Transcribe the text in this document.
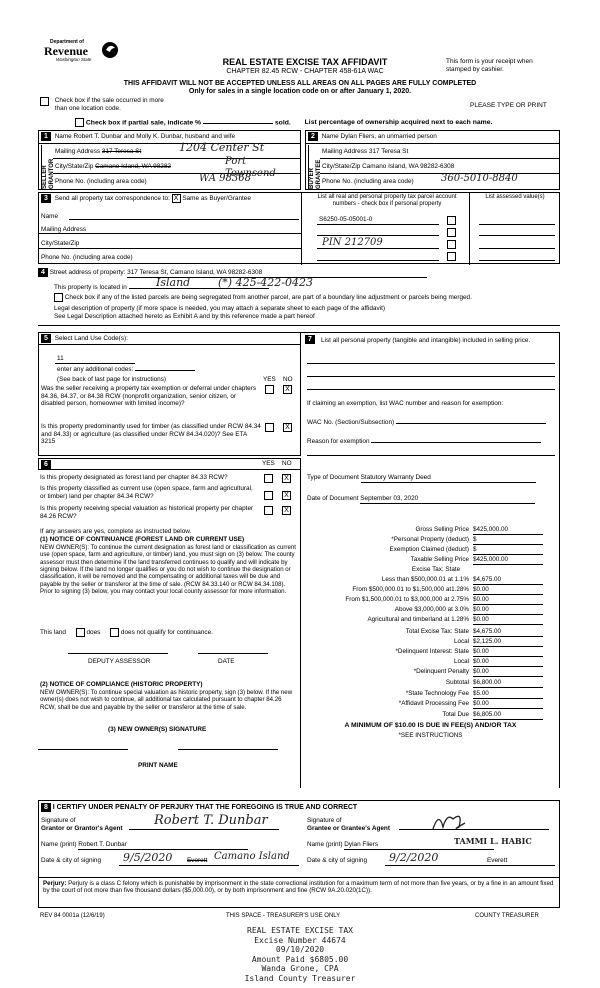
Department of
Revenue
Washington State	REAL ESTATE EXCISE TAX AFFIDAVIT
CHAPTER 82.45 RCW - CHAPTER 458-61A WAC
This form is your receipt when stamped by cashier.
THIS AFFIDAVIT WILL NOT BE ACCEPTED UNLESS ALL AREAS ON ALL PAGES ARE FULLY COMPLETED
Only for sales in a single location code on or after January 1, 2020.
PLEASE TYPE OR PRINT
Check box if the sale occurred in more than one location code.
Check box if partial sale, indicate %	sold. List percentage of ownership acquired next to each name.
1 Name Robert T. Dunbar and Molly K. Dunbar, husband and wife
SELLER GRANTOR
Mailing Address 317 Teresa St	1204 Center St
City/State/Zip Camano Island, WA 98282	Port Townsend
Phone No. (including area code)	WA 98368
2 Name Dylan Fliers, an unmarried person
BUYER GRANTEE
Mailing Address 317 Teresa St
City/State/Zip Camano Island, WA 98282-6308
Phone No. (including area code)	360-5010-8840
3 Send all property tax correspondence to: X Same as Buyer/Grantee
Name
Mailing Address
City/State/Zip
Phone No. (including area code)
List all real and personal property tax parcel account numbers - check box if personal property
List assessed value(s)
S6250-05-05001-0
PIN 212709
4 Street address of property: 317 Teresa St, Camano Island, WA 98282-6308
This property is located in	Island	(*) 425-422-0423
Check box if any of the listed parcels are being segregated from another parcel, are part of a boundary line adjustment or parcels being merged.
Legal description of property (if more space is needed, you may attach a separate sheet to each page of the affidavit)
See Legal Description attached hereto as Exhibit A and by this reference made a part hereof
5 Select Land Use Code(s):
11
enter any additional codes:
(See back of last page for instructions)	YES NO
Was the seller receiving a property tax exemption or deferral under chapters 84.36, 84.37, or 84.38 RCW (nonprofit organization, senior citizen, or disabled person, homeowner with limited income)?
X
Is this property predominantly used for timber (as classified under RCW 84.34 and 84.33) or agriculture (as classified under RCW 84.34.020)? See ETA 3215
X
6	YES NO
Is this property designated as forest land per chapter 84.33 RCW?	X
Is this property classified as current use (open space, farm and agricultural, or timber) land per chapter 84.34 RCW?	X
Is this property receiving special valuation as historical property per chapter 84.26 RCW?
X
If any answers are yes, complete as instructed below.
(1) NOTICE OF CONTINUANCE (FOREST LAND OR CURRENT USE)
NEW OWNER(S): To continue the current designation as forest land or classification as current use (open space, farm and agriculture, or timber) land, you must sign on (3) below. The county assessor must then determine if the land transferred continues to qualify and will indicate by signing below. If the land no longer qualifies or you do not wish to continue the designation or classification, it will be removed and the compensating or additional taxes will be due and payable by the seller or transferor at the time of sale. (RCW 84.33.140 or RCW 84.34.108). Prior to signing (3) below, you may contact your local county assessor for more information.
This land	does	does not qualify for continuance.
DEPUTY ASSESSOR	DATE
(2) NOTICE OF COMPLIANCE (HISTORIC PROPERTY)
NEW OWNER(S): To continue special valuation as historic property, sign (3) below. If the new owner(s) does not wish to continue, all additional tax calculated pursuant to chapter 84.26 RCW, shall be due and payable by the seller or transferor at the time of sale.
(3) NEW OWNER(S) SIGNATURE
PRINT NAME
7	List all personal property (tangible and intangible) included in selling price.
If claiming an exemption, list WAC number and reason for exemption:
WAC No. (Section/Subsection)
Reason for exemption
Type of Document Statutory Warranty Deed
Date of Document September 03, 2020
Gross Selling Price $425,000.00
*Personal Property (deduct) $
Exemption Claimed (deduct) $
Taxable Selling Price $425,000.00
Excise Tax: State
Less than $500,000.01 at 1.1% $4,675.00
From $500,000.01 to $1,500,000 at1.28% $0.00
From $1,500,000.01 to $3,000,000 at 2.75% $0.00
Above $3,000,000 at 3.0% $0.00
Agricultural and timberland at 1.28% $0.00
Total Excise Tax: State $4,675.00
Local $2,125.00
*Delinquent Interest: State $0.00
Local $0.00
*Delinquent Penalty $0.00
Subtotal $6,800.00
*State Technology Fee $5.00
*Affidavit Processing Fee $0.00
Total Due $6,805.00
A MINIMUM OF $10.00 IS DUE IN FEE(S) AND/OR TAX
*SEE INSTRUCTIONS
8 I CERTIFY UNDER PENALTY OF PERJURY THAT THE FOREGOING IS TRUE AND CORRECT
Signature of
Grantor or Grantor's Agent
Robert T. Dunbar	Signature of
Grantee or Grantee's Agent
Name (print) Robert T. Dunbar	Name (print) Dylan Fliers	TAMMI L. HABIC
Date & city of signing 9/5/2020 Everett Camano Island	Date & city of signing 9/2/2020	Everett
Perjury: Perjury is a class C felony which is punishable by imprisonment in the state correctional institution for a maximum term of not more than five years, or by a fine in an amount fixed by the court of not more than five thousand dollars ($5,000.00), or by both imprisonment and fine (RCW 9A.20.020(1C)).
REV 84 0001a (12/6/19)	THIS SPACE - TREASURER'S USE ONLY	COUNTY TREASURER
REAL ESTATE EXCISE TAX
Excise Number 44674
09/10/2020
Amount Paid $6805.00
Wanda Grone, CPA
Island County Treasurer
